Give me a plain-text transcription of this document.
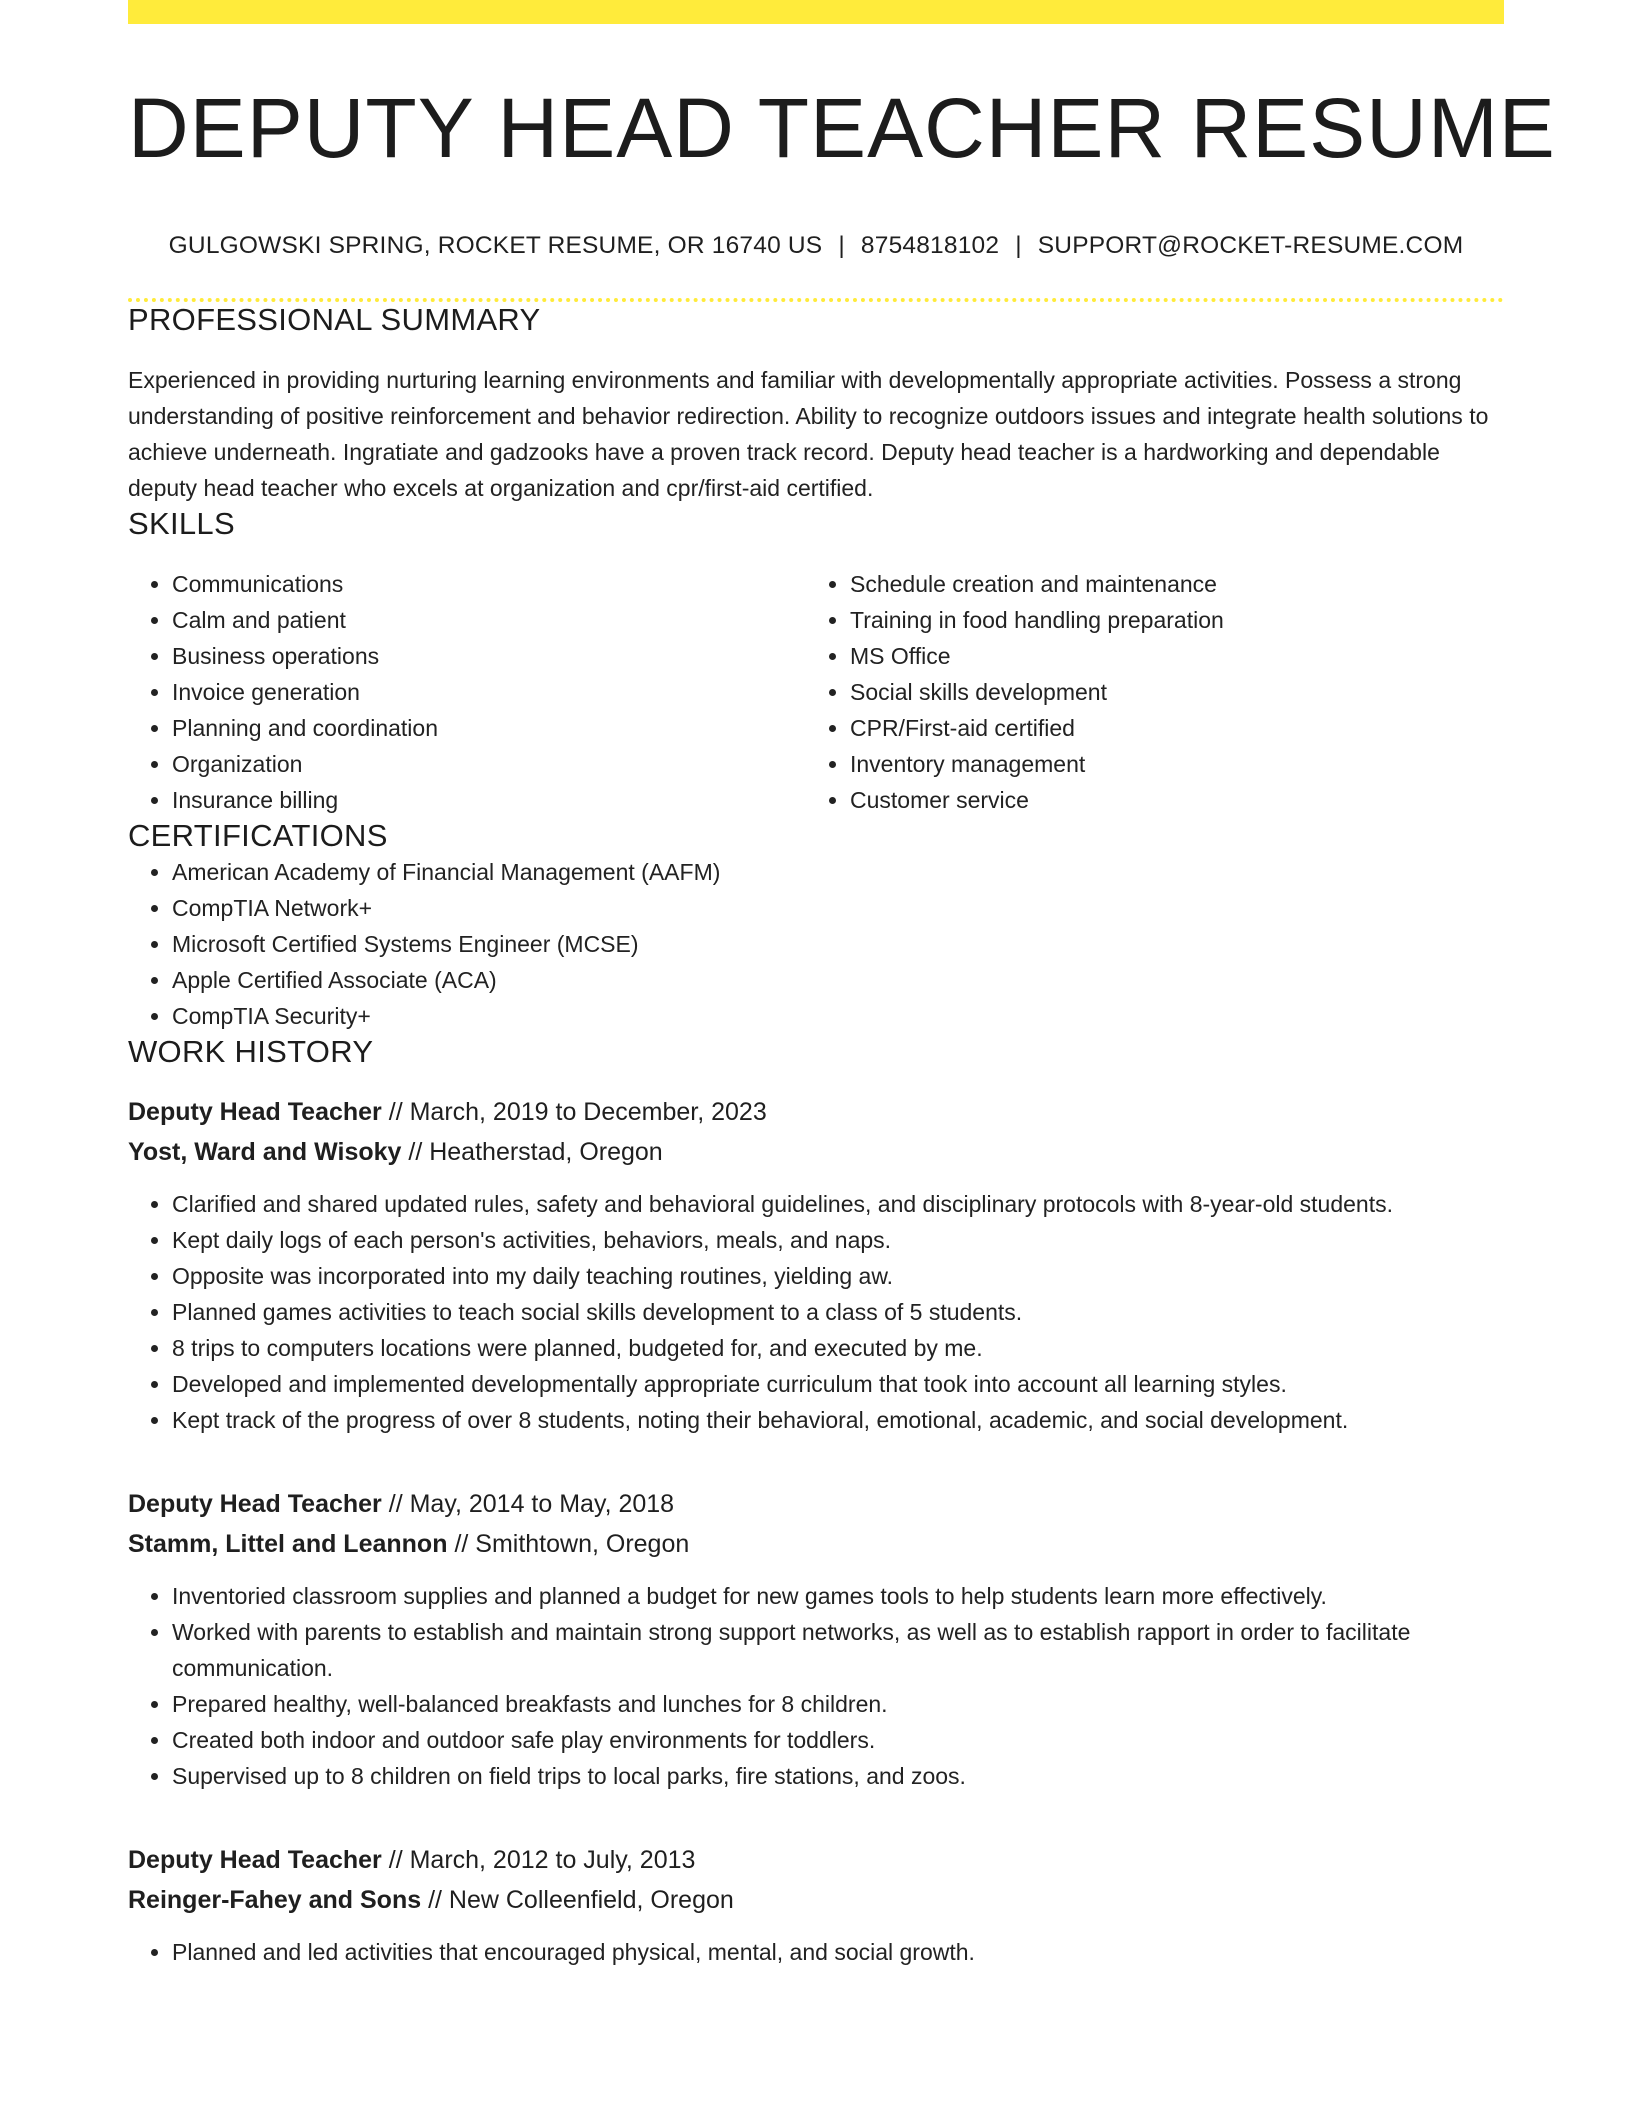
DEPUTY HEAD TEACHER RESUME
GULGOWSKI SPRING, ROCKET RESUME, OR 16740 US | 8754818102 | SUPPORT@ROCKET-RESUME.COM
PROFESSIONAL SUMMARY

Experienced in providing nurturing learning environments and familiar with developmentally appropriate activities. Possess a strong understanding of positive reinforcement and behavior redirection. Ability to recognize outdoors issues and integrate health solutions to achieve underneath. Ingratiate and gadzooks have a proven track record. Deputy head teacher is a hardworking and dependable deputy head teacher who excels at organization and cpr/first-aid certified.

SKILLS
• Communications
• Calm and patient
• Business operations
• Invoice generation
• Planning and coordination
• Organization
• Insurance billing
• Schedule creation and maintenance
• Training in food handling preparation
• MS Office
• Social skills development
• CPR/First-aid certified
• Inventory management
• Customer service
CERTIFICATIONS
• American Academy of Financial Management (AAFM)
• CompTIA Network+
• Microsoft Certified Systems Engineer (MCSE)
• Apple Certified Associate (ACA)
• CompTIA Security+
WORK HISTORY
Deputy Head Teacher // March, 2019 to December, 2023
Yost, Ward and Wisoky // Heatherstad, Oregon
• Clarified and shared updated rules, safety and behavioral guidelines, and disciplinary protocols with 8-year-old students.
• Kept daily logs of each person's activities, behaviors, meals, and naps.
• Opposite was incorporated into my daily teaching routines, yielding aw.
• Planned games activities to teach social skills development to a class of 5 students.
• 8 trips to computers locations were planned, budgeted for, and executed by me.
• Developed and implemented developmentally appropriate curriculum that took into account all learning styles.
• Kept track of the progress of over 8 students, noting their behavioral, emotional, academic, and social development.
Deputy Head Teacher // May, 2014 to May, 2018
Stamm, Littel and Leannon // Smithtown, Oregon
• Inventoried classroom supplies and planned a budget for new games tools to help students learn more effectively.
• Worked with parents to establish and maintain strong support networks, as well as to establish rapport in order to facilitate communication.
• Prepared healthy, well-balanced breakfasts and lunches for 8 children.
• Created both indoor and outdoor safe play environments for toddlers.
• Supervised up to 8 children on field trips to local parks, fire stations, and zoos.
Deputy Head Teacher // March, 2012 to July, 2013
Reinger-Fahey and Sons // New Colleenfield, Oregon
• Planned and led activities that encouraged physical, mental, and social growth.
